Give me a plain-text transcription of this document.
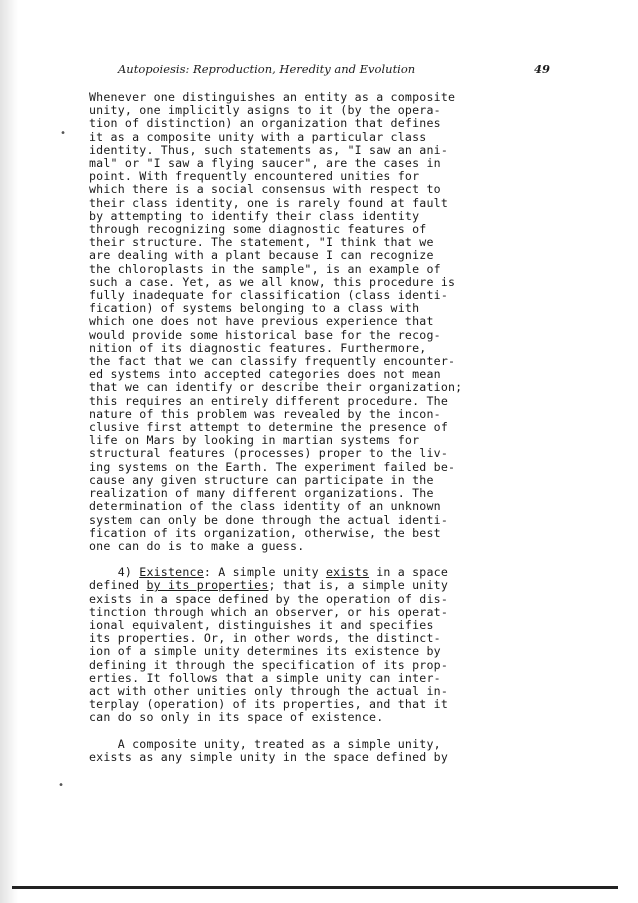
Autopoiesis: Reproduction, Heredity and Evolution	49
Whenever one distinguishes an entity as a composite
unity, one implicitly asigns to it (by the opera-
tion of distinction) an organization that defines
it as a composite unity with a particular class
identity. Thus, such statements as, "I saw an ani-
mal" or "I saw a flying saucer", are the cases in
point. With frequently encountered unities for
which there is a social consensus with respect to
their class identity, one is rarely found at fault
by attempting to identify their class identity
through recognizing some diagnostic features of
their structure. The statement, "I think that we
are dealing with a plant because I can recognize
the chloroplasts in the sample", is an example of
such a case. Yet, as we all know, this procedure is
fully inadequate for classification (class identi-
fication) of systems belonging to a class with
which one does not have previous experience that
would provide some historical base for the recog-
nition of its diagnostic features. Furthermore,
the fact that we can classify frequently encounter-
ed systems into accepted categories does not mean
that we can identify or describe their organization;
this requires an entirely different procedure. The
nature of this problem was revealed by the incon-
clusive first attempt to determine the presence of
life on Mars by looking in martian systems for
structural features (processes) proper to the liv-
ing systems on the Earth. The experiment failed be-
cause any given structure can participate in the
realization of many different organizations. The
determination of the class identity of an unknown
system can only be done through the actual identi-
fication of its organization, otherwise, the best
one can do is to make a guess.
4) Existence: A simple unity exists in a space
defined by its properties; that is, a simple unity
exists in a space defined by the operation of dis-
tinction through which an observer, or his operat-
ional equivalent, distinguishes it and specifies
its properties. Or, in other words, the distinct-
ion of a simple unity determines its existence by
defining it through the specification of its prop-
erties. It follows that a simple unity can inter-
act with other unities only through the actual in-
terplay (operation) of its properties, and that it
can do so only in its space of existence.
A composite unity, treated as a simple unity,
exists as any simple unity in the space defined by
•
•
